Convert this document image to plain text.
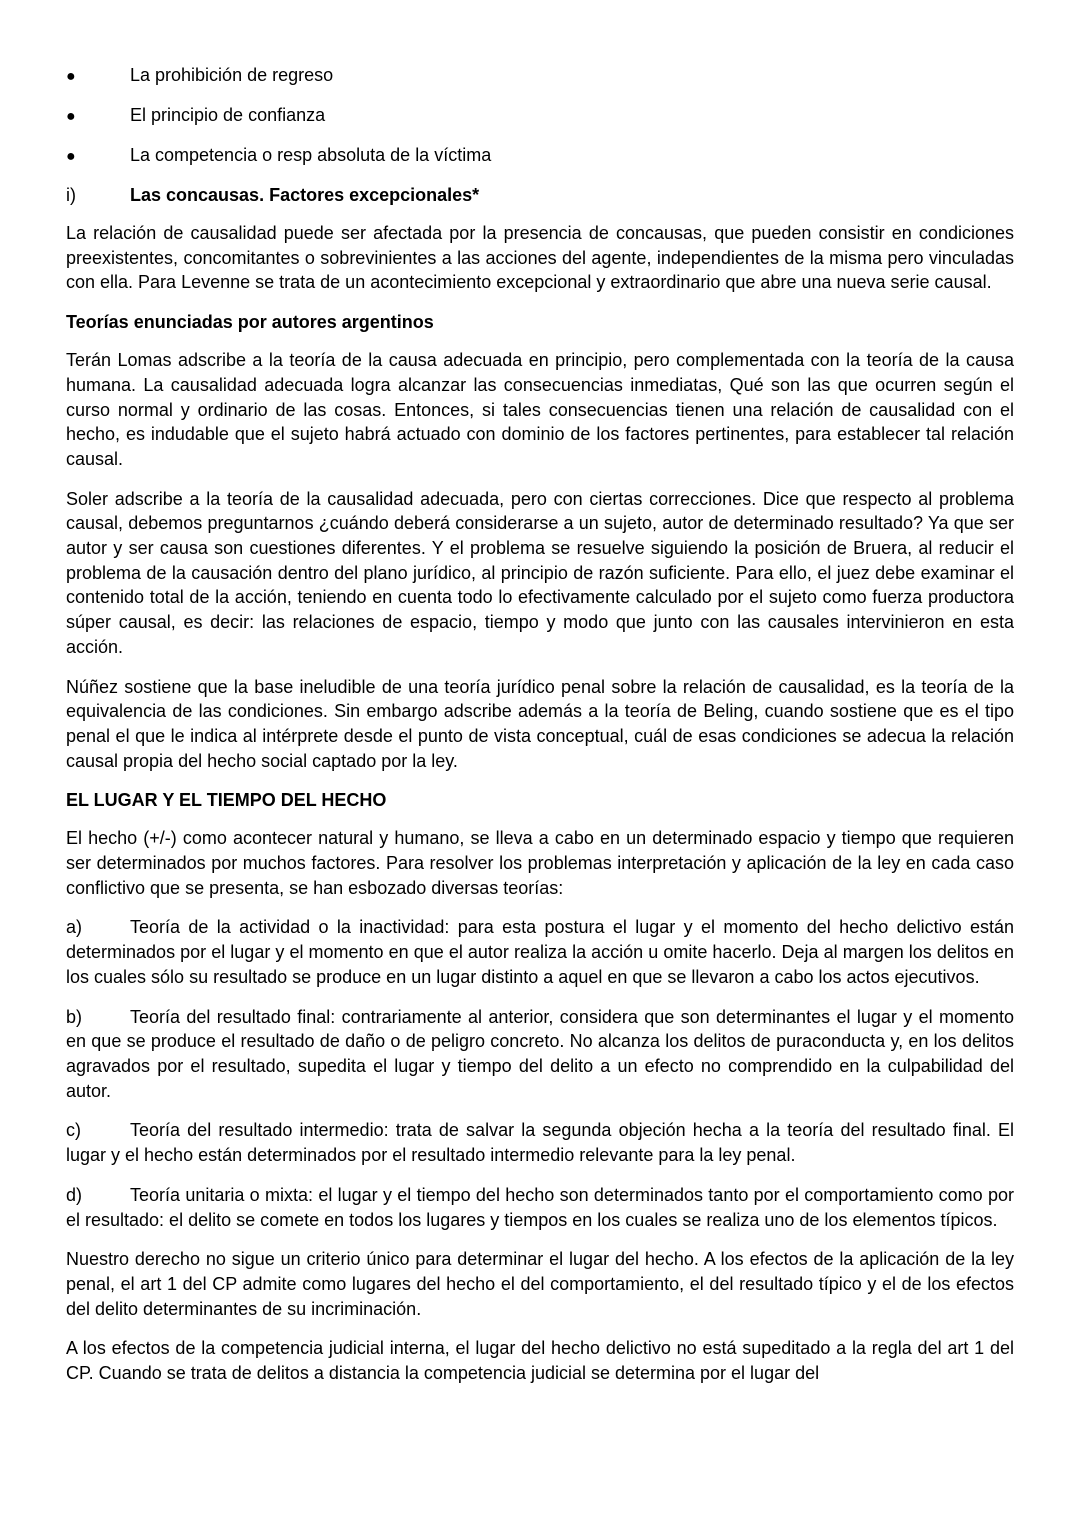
●	La prohibición de regreso
●	El principio de confianza
●	La competencia o resp absoluta de la víctima
i)	Las concausas. Factores excepcionales*

La relación de causalidad puede ser afectada por la presencia de concausas, que pueden consistir en condiciones preexistentes, concomitantes o sobrevinientes a las acciones del agente, independientes de la misma pero vinculadas con ella. Para Levenne se trata de un acontecimiento excepcional y extraordinario que abre una nueva serie causal.

Teorías enunciadas por autores argentinos

Terán Lomas adscribe a la teoría de la causa adecuada en principio, pero complementada con la teoría de la causa humana. La causalidad adecuada logra alcanzar las consecuencias inmediatas, Qué son las que ocurren según el curso normal y ordinario de las cosas. Entonces, si tales consecuencias tienen una relación de causalidad con el hecho, es indudable que el sujeto habrá actuado con dominio de los factores pertinentes, para establecer tal relación causal.

Soler adscribe a la teoría de la causalidad adecuada, pero con ciertas correcciones. Dice que respecto al problema causal, debemos preguntarnos ¿cuándo deberá considerarse a un sujeto, autor de determinado resultado? Ya que ser autor y ser causa son cuestiones diferentes. Y el problema se resuelve siguiendo la posición de Bruera, al reducir el problema de la causación dentro del plano jurídico, al principio de razón suficiente. Para ello, el juez debe examinar el contenido total de la acción, teniendo en cuenta todo lo efectivamente calculado por el sujeto como fuerza productora súper causal, es decir: las relaciones de espacio, tiempo y modo que junto con las causales intervinieron en esta acción.

Núñez sostiene que la base ineludible de una teoría jurídico penal sobre la relación de causalidad, es la teoría de la equivalencia de las condiciones. Sin embargo adscribe además a la teoría de Beling, cuando sostiene que es el tipo penal el que le indica al intérprete desde el punto de vista conceptual, cuál de esas condiciones se adecua la relación causal propia del hecho social captado por la ley.

EL LUGAR Y EL TIEMPO DEL HECHO

El hecho (+/-) como acontecer natural y humano, se lleva a cabo en un determinado espacio y tiempo que requieren ser determinados por muchos factores. Para resolver los problemas interpretación y aplicación de la ley en cada caso conflictivo que se presenta, se han esbozado diversas teorías:

a)	Teoría de la actividad o la inactividad: para esta postura el lugar y el momento del hecho delictivo están determinados por el lugar y el momento en que el autor realiza la acción u omite hacerlo. Deja al margen los delitos en los cuales sólo su resultado se produce en un lugar distinto a aquel en que se llevaron a cabo los actos ejecutivos.

b)	Teoría del resultado final: contrariamente al anterior, considera que son determinantes el lugar y el momento en que se produce el resultado de daño o de peligro concreto. No alcanza los delitos de puraconducta y, en los delitos agravados por el resultado, supedita el lugar y tiempo del delito a un efecto no comprendido en la culpabilidad del autor.

c)	Teoría del resultado intermedio: trata de salvar la segunda objeción hecha a la teoría del resultado final. El lugar y el hecho están determinados por el resultado intermedio relevante para la ley penal.

d)	Teoría unitaria o mixta: el lugar y el tiempo del hecho son determinados tanto por el comportamiento como por el resultado: el delito se comete en todos los lugares y tiempos en los cuales se realiza uno de los elementos típicos.

Nuestro derecho no sigue un criterio único para determinar el lugar del hecho. A los efectos de la aplicación de la ley penal, el art 1 del CP admite como lugares del hecho el del comportamiento, el del resultado típico y el de los efectos del delito determinantes de su incriminación.

A los efectos de la competencia judicial interna, el lugar del hecho delictivo no está supeditado a la regla del art 1 del CP. Cuando se trata de delitos a distancia la competencia judicial se determina por el lugar del
